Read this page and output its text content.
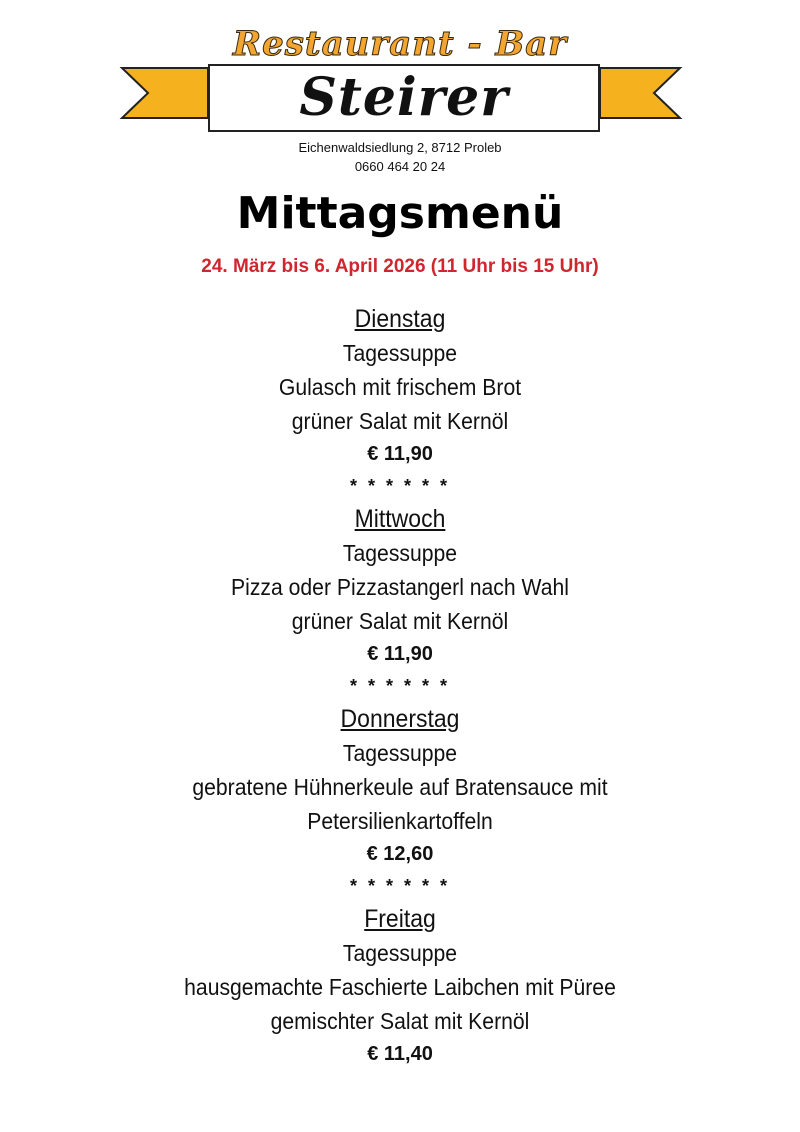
Restaurant - Bar
Steirer
Eichenwaldsiedlung 2, 8712 Proleb
0660 464 20 24
Mittagsmenü
24. März bis 6. April 2026 (11 Uhr bis 15 Uhr)
Dienstag
Tagessuppe
Gulasch mit frischem Brot
grüner Salat mit Kernöl
€ 11,90
* * * * * *
Mittwoch
Tagessuppe
Pizza oder Pizzastangerl nach Wahl
grüner Salat mit Kernöl
€ 11,90
* * * * * *
Donnerstag
Tagessuppe
gebratene Hühnerkeule auf Bratensauce mit
Petersilienkartoffeln
€ 12,60
* * * * * *
Freitag
Tagessuppe
hausgemachte Faschierte Laibchen mit Püree
gemischter Salat mit Kernöl
€ 11,40
